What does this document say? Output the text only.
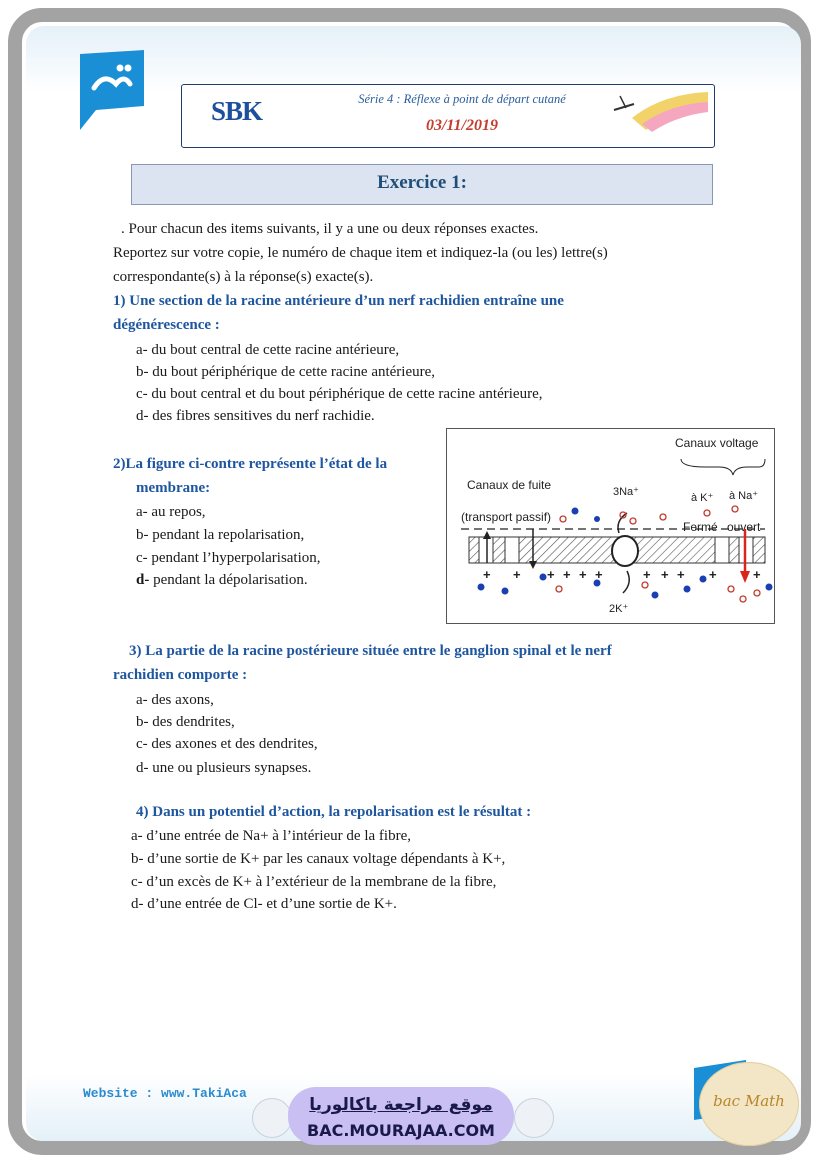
SBK	Série 4 : Réflexe à point de départ cutané
03/11/2019
Exercice 1:
. Pour chacun des items suivants, il y a une ou deux réponses exactes.
Reportez sur votre copie, le numéro de chaque item et indiquez-la (ou les) lettre(s)
correspondante(s) à la réponse(s) exacte(s).
1) Une section de la racine antérieure d’un nerf rachidien entraîne une
dégénérescence :
a- du bout central de cette racine antérieure,
b- du bout périphérique de cette racine antérieure,
c- du bout central et du bout périphérique de cette racine antérieure,
d- des fibres sensitives du nerf rachidie.
2)La figure ci-contre représente l’état de la
membrane:
a- au repos,
b- pendant la repolarisation,
c- pendant l’hyperpolarisation,
d- pendant la dépolarisation.
Canaux voltage
Canaux de fuite
(transport passif)
3Na⁺	à K⁺ à Na⁺
Fermé ouvert
2K⁺
+ + + + + +	+ + + +	+
3) La partie de la racine postérieure située entre le ganglion spinal et le nerf
rachidien comporte :
a- des axons,
b- des dendrites,
c- des axones et des dendrites,
d- une ou plusieurs synapses.
4) Dans un potentiel d’action, la repolarisation est le résultat :
a- d’une entrée de Na+ à l’intérieur de la fibre,
b- d’une sortie de K+ par les canaux voltage dépendants à K+,
c- d’un excès de K+ à l’extérieur de la membrane de la fibre,
d- d’une entrée de Cl- et d’une sortie de K+.
Website : www.TakiAca
موقع مراجعة باكالوريا
BAC.MOURAJAA.COM
bac Math
